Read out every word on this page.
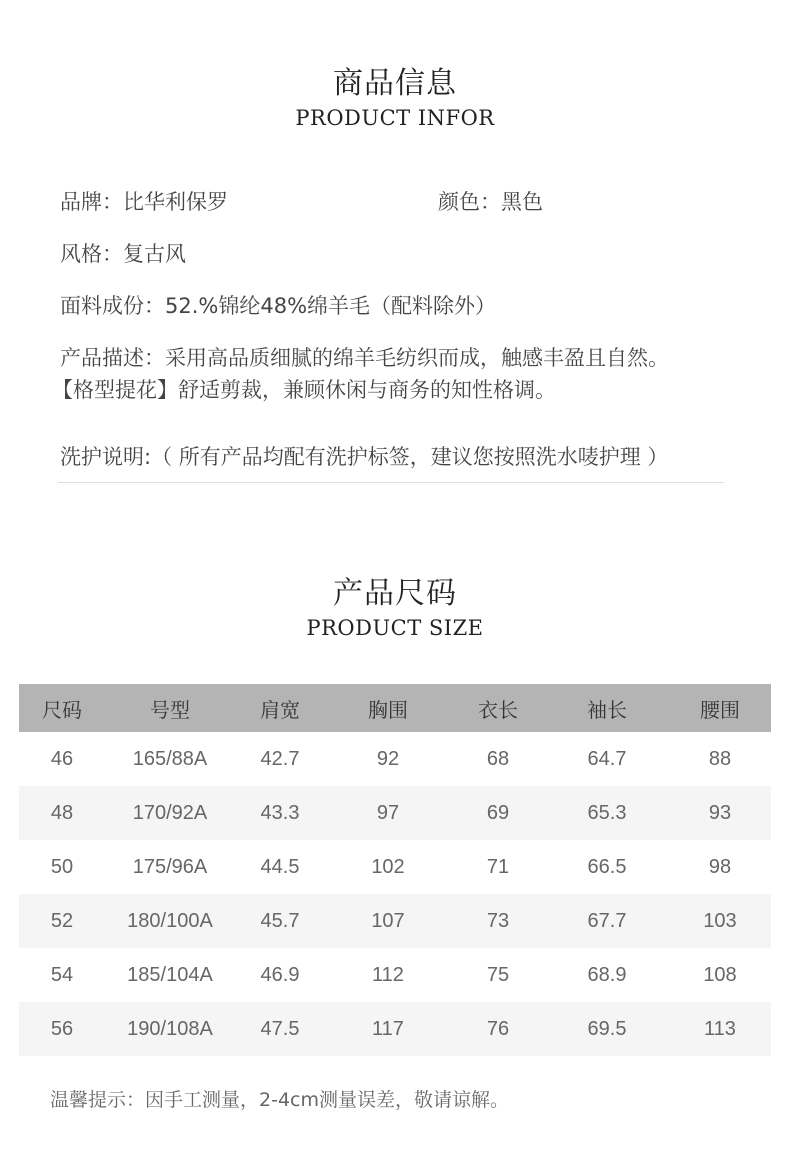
商品信息
PRODUCT INFOR
品牌：比华利保罗	颜色：黑色
风格：复古风
面料成份：52.%锦纶48%绵羊毛（配料除外）
产品描述：采用高品质细腻的绵羊毛纺织而成，触感丰盈且自然。
【格型提花】舒适剪裁，兼顾休闲与商务的知性格调。
洗护说明:（ 所有产品均配有洗护标签，建议您按照洗水唛护理 ）
产品尺码
PRODUCT SIZE
尺码	号型	肩宽	胸围	衣长	袖长	腰围
46	165/88A	42.7	92	68	64.7	88
48	170/92A	43.3	97	69	65.3	93
50	175/96A	44.5	102	71	66.5	98
52	180/100A	45.7	107	73	67.7	103
54	185/104A	46.9	112	75	68.9	108
56	190/108A	47.5	117	76	69.5	113
温馨提示：因手工测量，2-4cm测量误差，敬请谅解。
